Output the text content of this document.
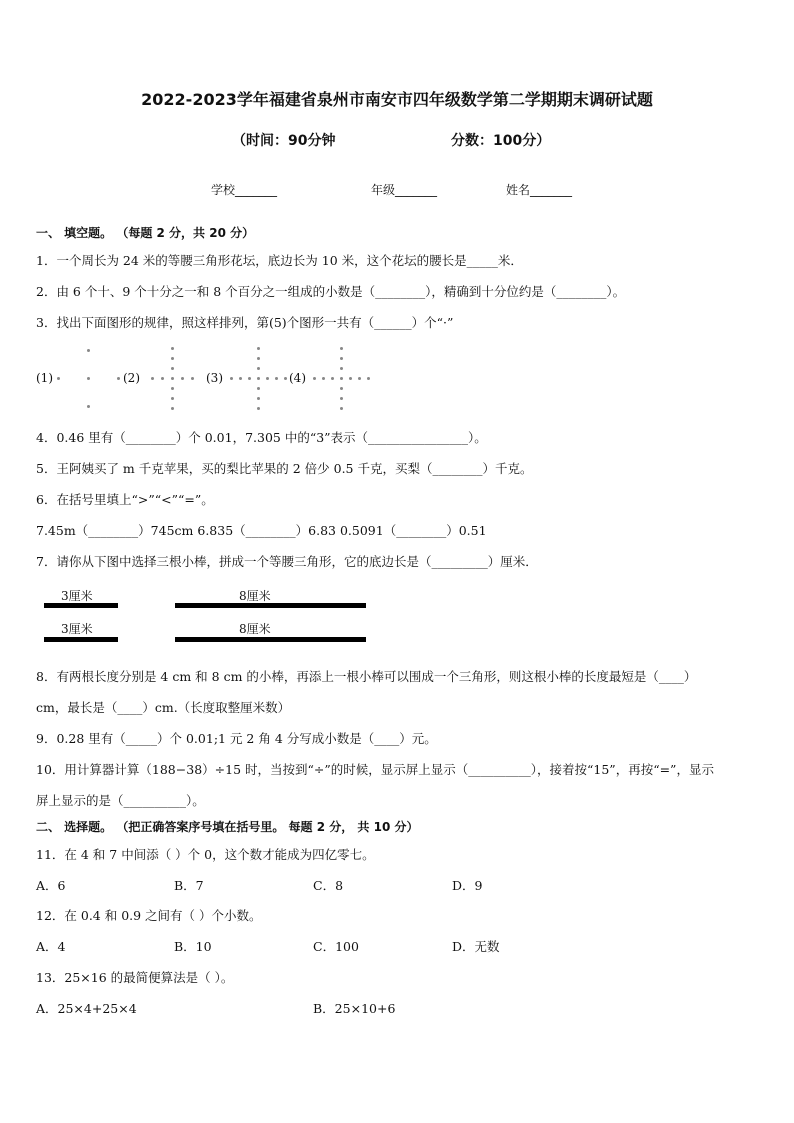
2022-2023学年福建省泉州市南安市四年级数学第二学期期末调研试题
（时间：90分钟	分数：100分）
学校_______	年级_______	姓名_______
一、 填空题。 （每题 2 分，共 20 分）
1．一个周长为 24 米的等腰三角形花坛，底边长为 10 米，这个花坛的腰长是_____米．
2．由 6 个十、9 个十分之一和 8 个百分之一组成的小数是（________），精确到十分位约是（________）。
3．找出下面图形的规律，照这样排列，第(5)个图形一共有（______）个“·”
(1)	(2)	(3)	(4)
4．0.46 里有（________）个 0.01，7.305 中的“3”表示（________________）。
5．王阿姨买了 m 千克苹果，买的梨比苹果的 2 倍少 0.5 千克，买梨（________）千克。
6．在括号里填上“>”“<”“=”。
7.45m（________）745cm 6.835（________）6.83 0.5091（________）0.51
7．请你从下图中选择三根小棒，拼成一个等腰三角形，它的底边长是（_________）厘米．
3厘米	8厘米
3厘米	8厘米
8．有两根长度分别是 4 cm 和 8 cm 的小棒，再添上一根小棒可以围成一个三角形，则这根小棒的长度最短是（____）
cm，最长是（____）cm.（长度取整厘米数）
9．0.28 里有（_____）个 0.01;1 元 2 角 4 分写成小数是（____）元。
10．用计算器计算（188−38）÷15 时，当按到“÷”的时候，显示屏上显示（__________），接着按“15”，再按“=”，显示
屏上显示的是（__________）。
二、 选择题。 （把正确答案序号填在括号里。 每题 2 分， 共 10 分）
11．在 4 和 7 中间添（ ）个 0，这个数才能成为四亿零七。
A．6	B．7	C．8	D．9
12．在 0.4 和 0.9 之间有（ ）个小数。
A．4	B．10	C．100	D．无数
13．25×16 的最简便算法是（ ）。
A．25×4+25×4	B．25×10+6
